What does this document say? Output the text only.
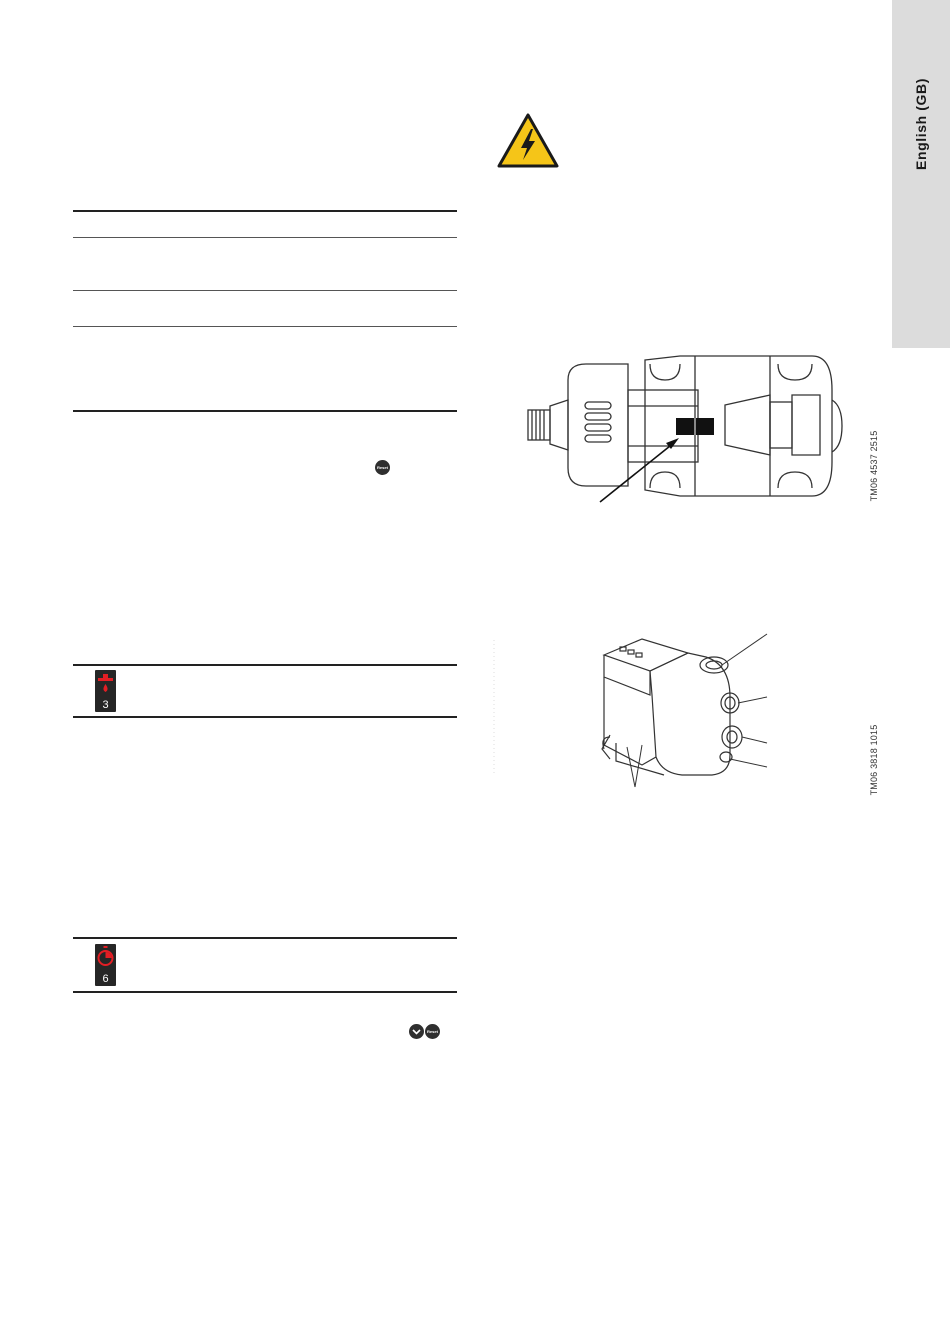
English (GB)
Reset
3
6
Reset
TM06 4537 2515
TM06 3818 1015
